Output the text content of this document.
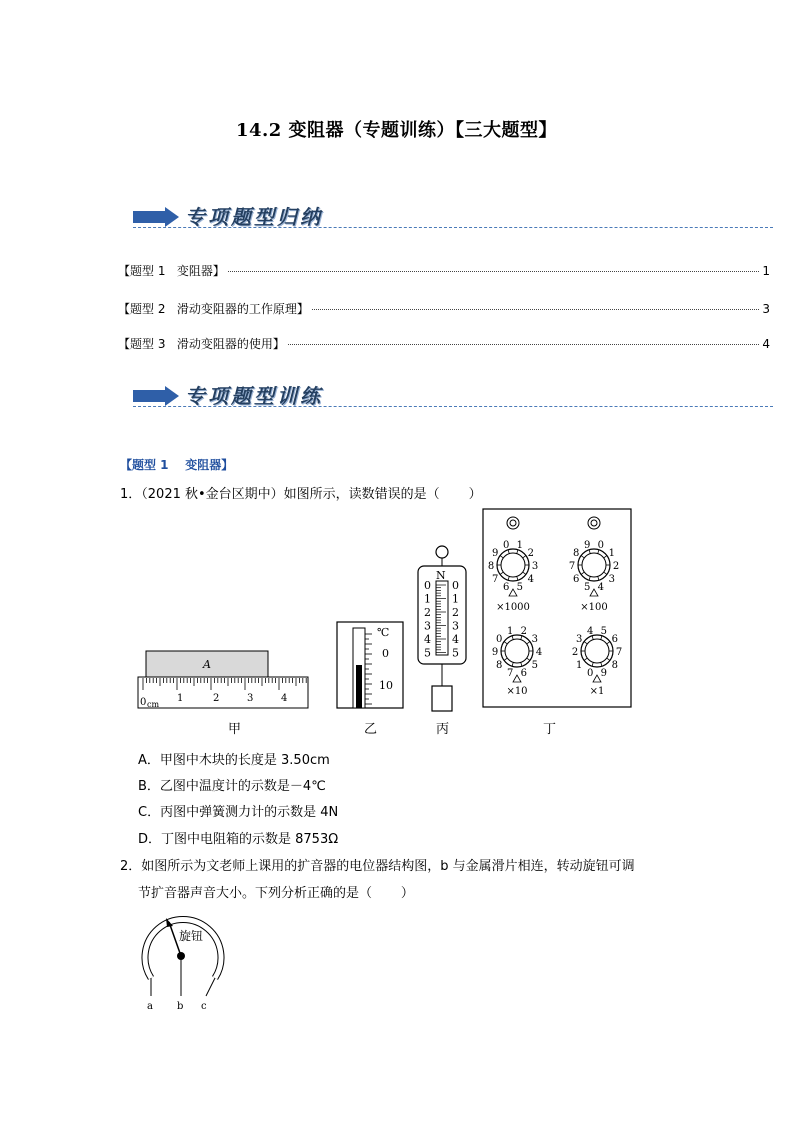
14.2 变阻器（专题训练）【三大题型】
专项题型归纳
【题型 1   变阻器】	1
【题型 2   滑动变阻器的工作原理】	3
【题型 3   滑动变阻器的使用】	4
专项题型训练
【题型 1    变阻器】
1．（2021 秋•金台区期中）如图所示，读数错误的是（       ）
A
0 cm
1	2	3	4
℃
0
10
N
0 0
1 1
2 2
3 3
4 4
5 5
7
8
9
0 1
2
3
4
5
6
×1000
6
7
8
9 0
1
2
3
4
5
×100
8
9
0
1 2
3
4
5
6
7
×10
1
2
3
4 5
6
7
8
9
0
×1
甲	乙	丙	丁
A．甲图中木块的长度是 3.50cm
B．乙图中温度计的示数是－4℃
C．丙图中弹簧测力计的示数是 4N
D．丁图中电阻箱的示数是 8753Ω
2．如图所示为文老师上课用的扩音器的电位器结构图，b 与金属滑片相连，转动旋钮可调
节扩音器声音大小。下列分析正确的是（       ）
旋钮
a b c
